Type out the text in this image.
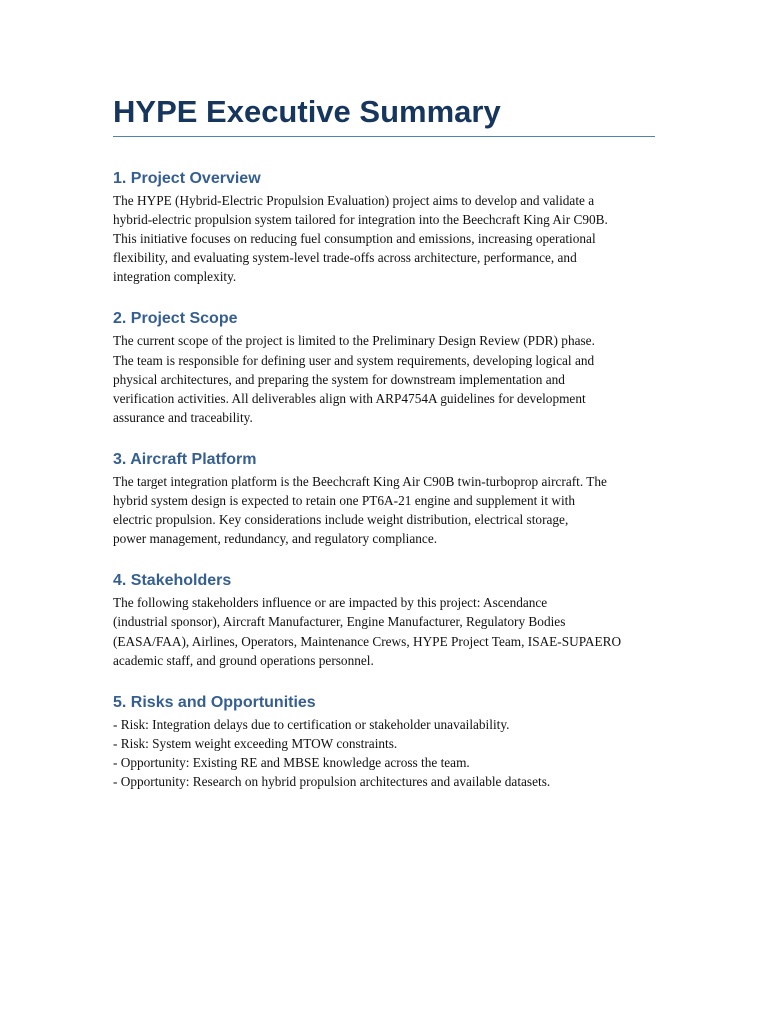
HYPE Executive Summary
1. Project Overview

The HYPE (Hybrid-Electric Propulsion Evaluation) project aims to develop and validate a
hybrid-electric propulsion system tailored for integration into the Beechcraft King Air C90B.
This initiative focuses on reducing fuel consumption and emissions, increasing operational
flexibility, and evaluating system-level trade-offs across architecture, performance, and
integration complexity.

2. Project Scope

The current scope of the project is limited to the Preliminary Design Review (PDR) phase.
The team is responsible for defining user and system requirements, developing logical and
physical architectures, and preparing the system for downstream implementation and
verification activities. All deliverables align with ARP4754A guidelines for development
assurance and traceability.

3. Aircraft Platform

The target integration platform is the Beechcraft King Air C90B twin-turboprop aircraft. The
hybrid system design is expected to retain one PT6A-21 engine and supplement it with
electric propulsion. Key considerations include weight distribution, electrical storage,
power management, redundancy, and regulatory compliance.

4. Stakeholders

The following stakeholders influence or are impacted by this project: Ascendance
(industrial sponsor), Aircraft Manufacturer, Engine Manufacturer, Regulatory Bodies
(EASA/FAA), Airlines, Operators, Maintenance Crews, HYPE Project Team, ISAE-SUPAERO
academic staff, and ground operations personnel.

5. Risks and Opportunities

- Risk: Integration delays due to certification or stakeholder unavailability.
- Risk: System weight exceeding MTOW constraints.
- Opportunity: Existing RE and MBSE knowledge across the team.
- Opportunity: Research on hybrid propulsion architectures and available datasets.
